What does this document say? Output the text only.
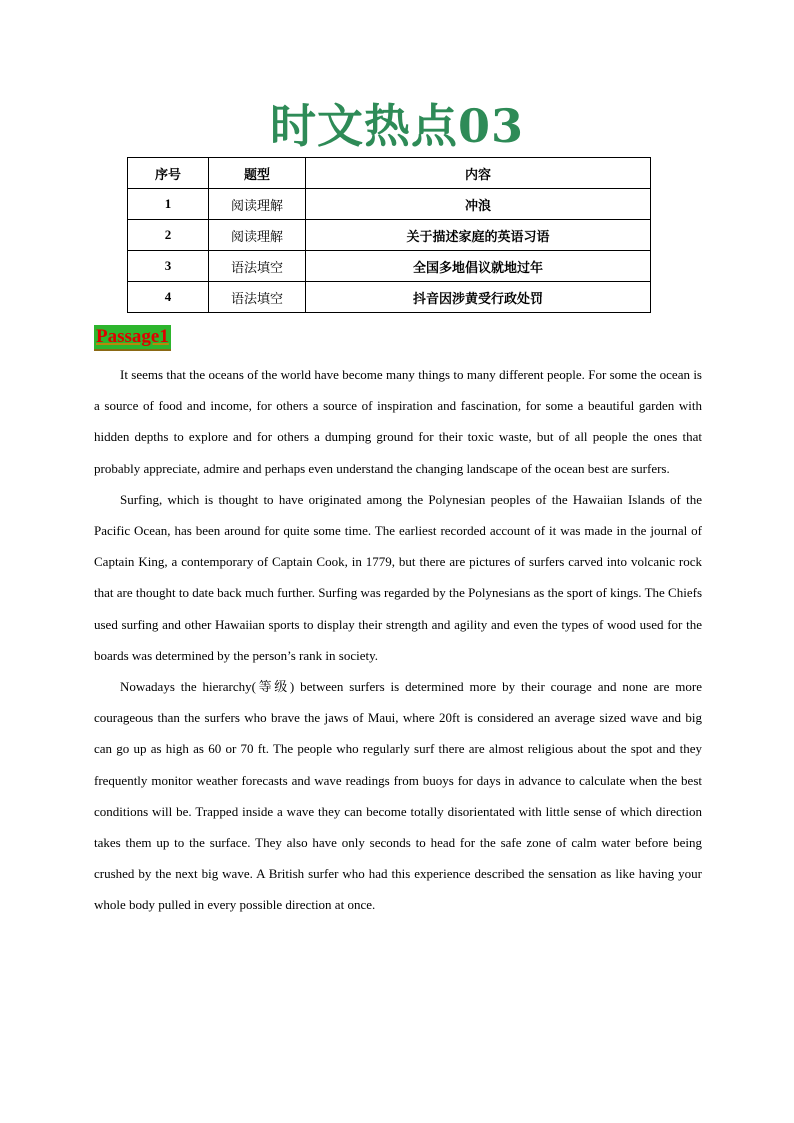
时文热点03
序号	题型	内容
1	阅读理解	冲浪
2	阅读理解	关于描述家庭的英语习语
3	语法填空	全国多地倡议就地过年
4	语法填空	抖音因涉黄受行政处罚
Passage1

It seems that the oceans of the world have become many things to many different people. For some the ocean is a source of food and income, for others a source of inspiration and fascination, for some a beautiful garden with hidden depths to explore and for others a dumping ground for their toxic waste, but of all people the ones that probably appreciate, admire and perhaps even understand the changing landscape of the ocean best are surfers.

Surfing, which is thought to have originated among the Polynesian peoples of the Hawaiian Islands of the Pacific Ocean, has been around for quite some time. The earliest recorded account of it was made in the journal of Captain King, a contemporary of Captain Cook, in 1779, but there are pictures of surfers carved into volcanic rock that are thought to date back much further. Surfing was regarded by the Polynesians as the sport of kings. The Chiefs used surfing and other Hawaiian sports to display their strength and agility and even the types of wood used for the boards was determined by the person’s rank in society.

Nowadays the hierarchy(等级) between surfers is determined more by their courage and none are more courageous than the surfers who brave the jaws of Maui, where 20ft is considered an average sized wave and big can go up as high as 60 or 70 ft. The people who regularly surf there are almost religious about the spot and they frequently monitor weather forecasts and wave readings from buoys for days in advance to calculate when the best conditions will be. Trapped inside a wave they can become totally disorientated with little sense of which direction takes them up to the surface. They also have only seconds to head for the safe zone of calm water before being crushed by the next big wave. A British surfer who had this experience described the sensation as like having your whole body pulled in every possible direction at once.
